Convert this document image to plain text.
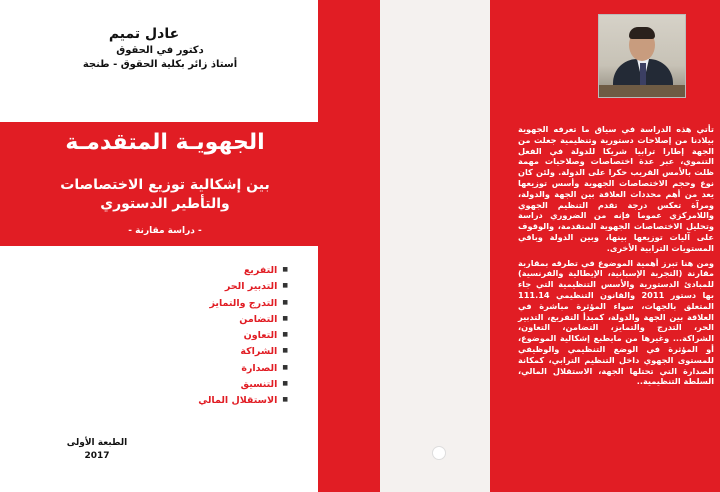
عادل تميم
دكتور في الحقوق
أستاذ زائر بكلية الحقوق - طنجة
الجهويـة المتقدمـة
بين إشكالية توزيع الاختصاصات
والتأطير الدستوري
- دراسة مقارنة -
■ التفريع
■ التدبير الحر
■ التدرج والتمايز
■ التضامن
■ التعاون
■ الشراكة
■ الصدارة
■ التنسيق
■ الاستقلال المالي
الطبعة الأولى
2017

تأتي هذه الدراسة في سياق ما تعرفه الجهوية بيلادنا من إصلاحات دستورية وتنظيمية جعلت من الجهة إطارا ترابيا شريكا للدولة في الفعل التنموي، عبر عدة اختصاصات وصلاحيات مهمة ظلت بالأمس القريب حكرا على الدولة. ولئن كان نوع وحجم الاختصاصات الجهوية وأسس توزيعها يعد من أهم محددات العلاقة بين الجهة والدولة، ومرآة تعكس درجة تقدم التنظيم الجهوي واللامركزي عموما فإنه من الضروري دراسة وتحليل الاختصاصات الجهوية المتقدمة، والوقوف على آليات توزيعها بينها، وبين الدولة وباقي المستويات الترابية الأخرى.

ومن هنا تبرز أهمية الموضوع في تطرقه بمقاربة مقارنة (التجربة الإسبانية، الإيطالية والفرنسية) للمبادئ الدستورية والأسس التنظيمية التي جاء بها دستور 2011 والقانون التنظيمي 111.14 المتعلق بالجهات، سواء المؤثرة مباشرة في العلاقة بين الجهة والدولة، كمبدأ التفريع، التدبير الحر، التدرج والتمايز، التضامن، التعاون، الشراكة... وغيرها من مايطبع إشكالية الموضوع، أو المؤثرة في الوضع التنظيمي والوظيفي للمستوى الجهوي داخل التنظيم الترابي، كمكانة الصدارة التي تحتلها الجهة، الاستقلال المالي، السلطة التنظيمية..
